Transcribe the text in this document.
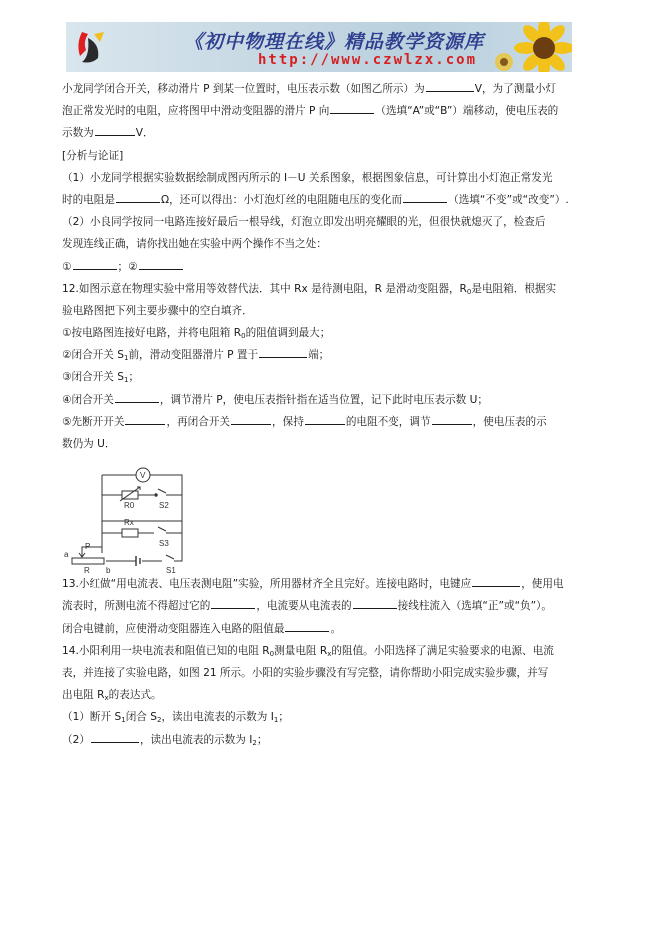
《初中物理在线》精品教学资源库
http://www.czwlzx.com
小龙同学闭合开关，移动滑片 P 到某一位置时，电压表示数（如图乙所示）为	V，为了测量小灯
泡正常发光时的电阻，应将图甲中滑动变阻器的滑片 P 向	（选填“A”或“B”）端移动，使电压表的
示数为	V．
[分析与论证]
（1）小龙同学根据实验数据绘制成图丙所示的 I－U 关系图象，根据图象信息，可计算出小灯泡正常发光
时的电阻是	Ω，还可以得出：小灯泡灯丝的电阻随电压的变化而	（选填“不变”或“改变”）.
（2）小良同学按同一电路连接好最后一根导线，灯泡立即发出明亮耀眼的光，但很快就熄灭了，检查后
发现连线正确，请你找出她在实验中两个操作不当之处：
①	；②
12.如图示意在物理实验中常用等效替代法．其中 Rx 是待测电阻，R 是滑动变阻器，$R_0$是电阻箱．根据实
验电路图把下列主要步骤中的空白填齐．
①按电路图连接好电路，并将电阻箱 $R_0$的阻值调到最大；
②闭合开关 $S_1$前，滑动变阻器滑片 P 置于	端；
③闭合开关 $S_1$；
④闭合开关	，调节滑片 P，使电压表指针指在适当位置，记下此时电压表示数 U；
⑤先断开开关	，再闭合开关	，保持	的电阻不变，调节	，使电压表的示
数仍为 U．
V
R0	S2
Rx
S3
a
P
b
R	S1
13.小红做“用电流表、电压表测电阻”实验，所用器材齐全且完好。连接电路时，电键应	，使用电
流表时，所测电流不得超过它的	，电流要从电流表的	接线柱流入（选填“正”或“负”）。
闭合电键前，应使滑动变阻器连入电路的阻值最	。
14.小阳利用一块电流表和阻值已知的电阻 $R_0$测量电阻 $R_x$的阻值。小阳选择了满足实验要求的电源、电流
表，并连接了实验电路，如图 21 所示。小阳的实验步骤没有写完整，请你帮助小阳完成实验步骤，并写
出电阻 $R_x$的表达式。
（1）断开 $S_1$闭合 $S_2$，读出电流表的示数为 $I_1$；
（2）	，读出电流表的示数为 $I_2$；
